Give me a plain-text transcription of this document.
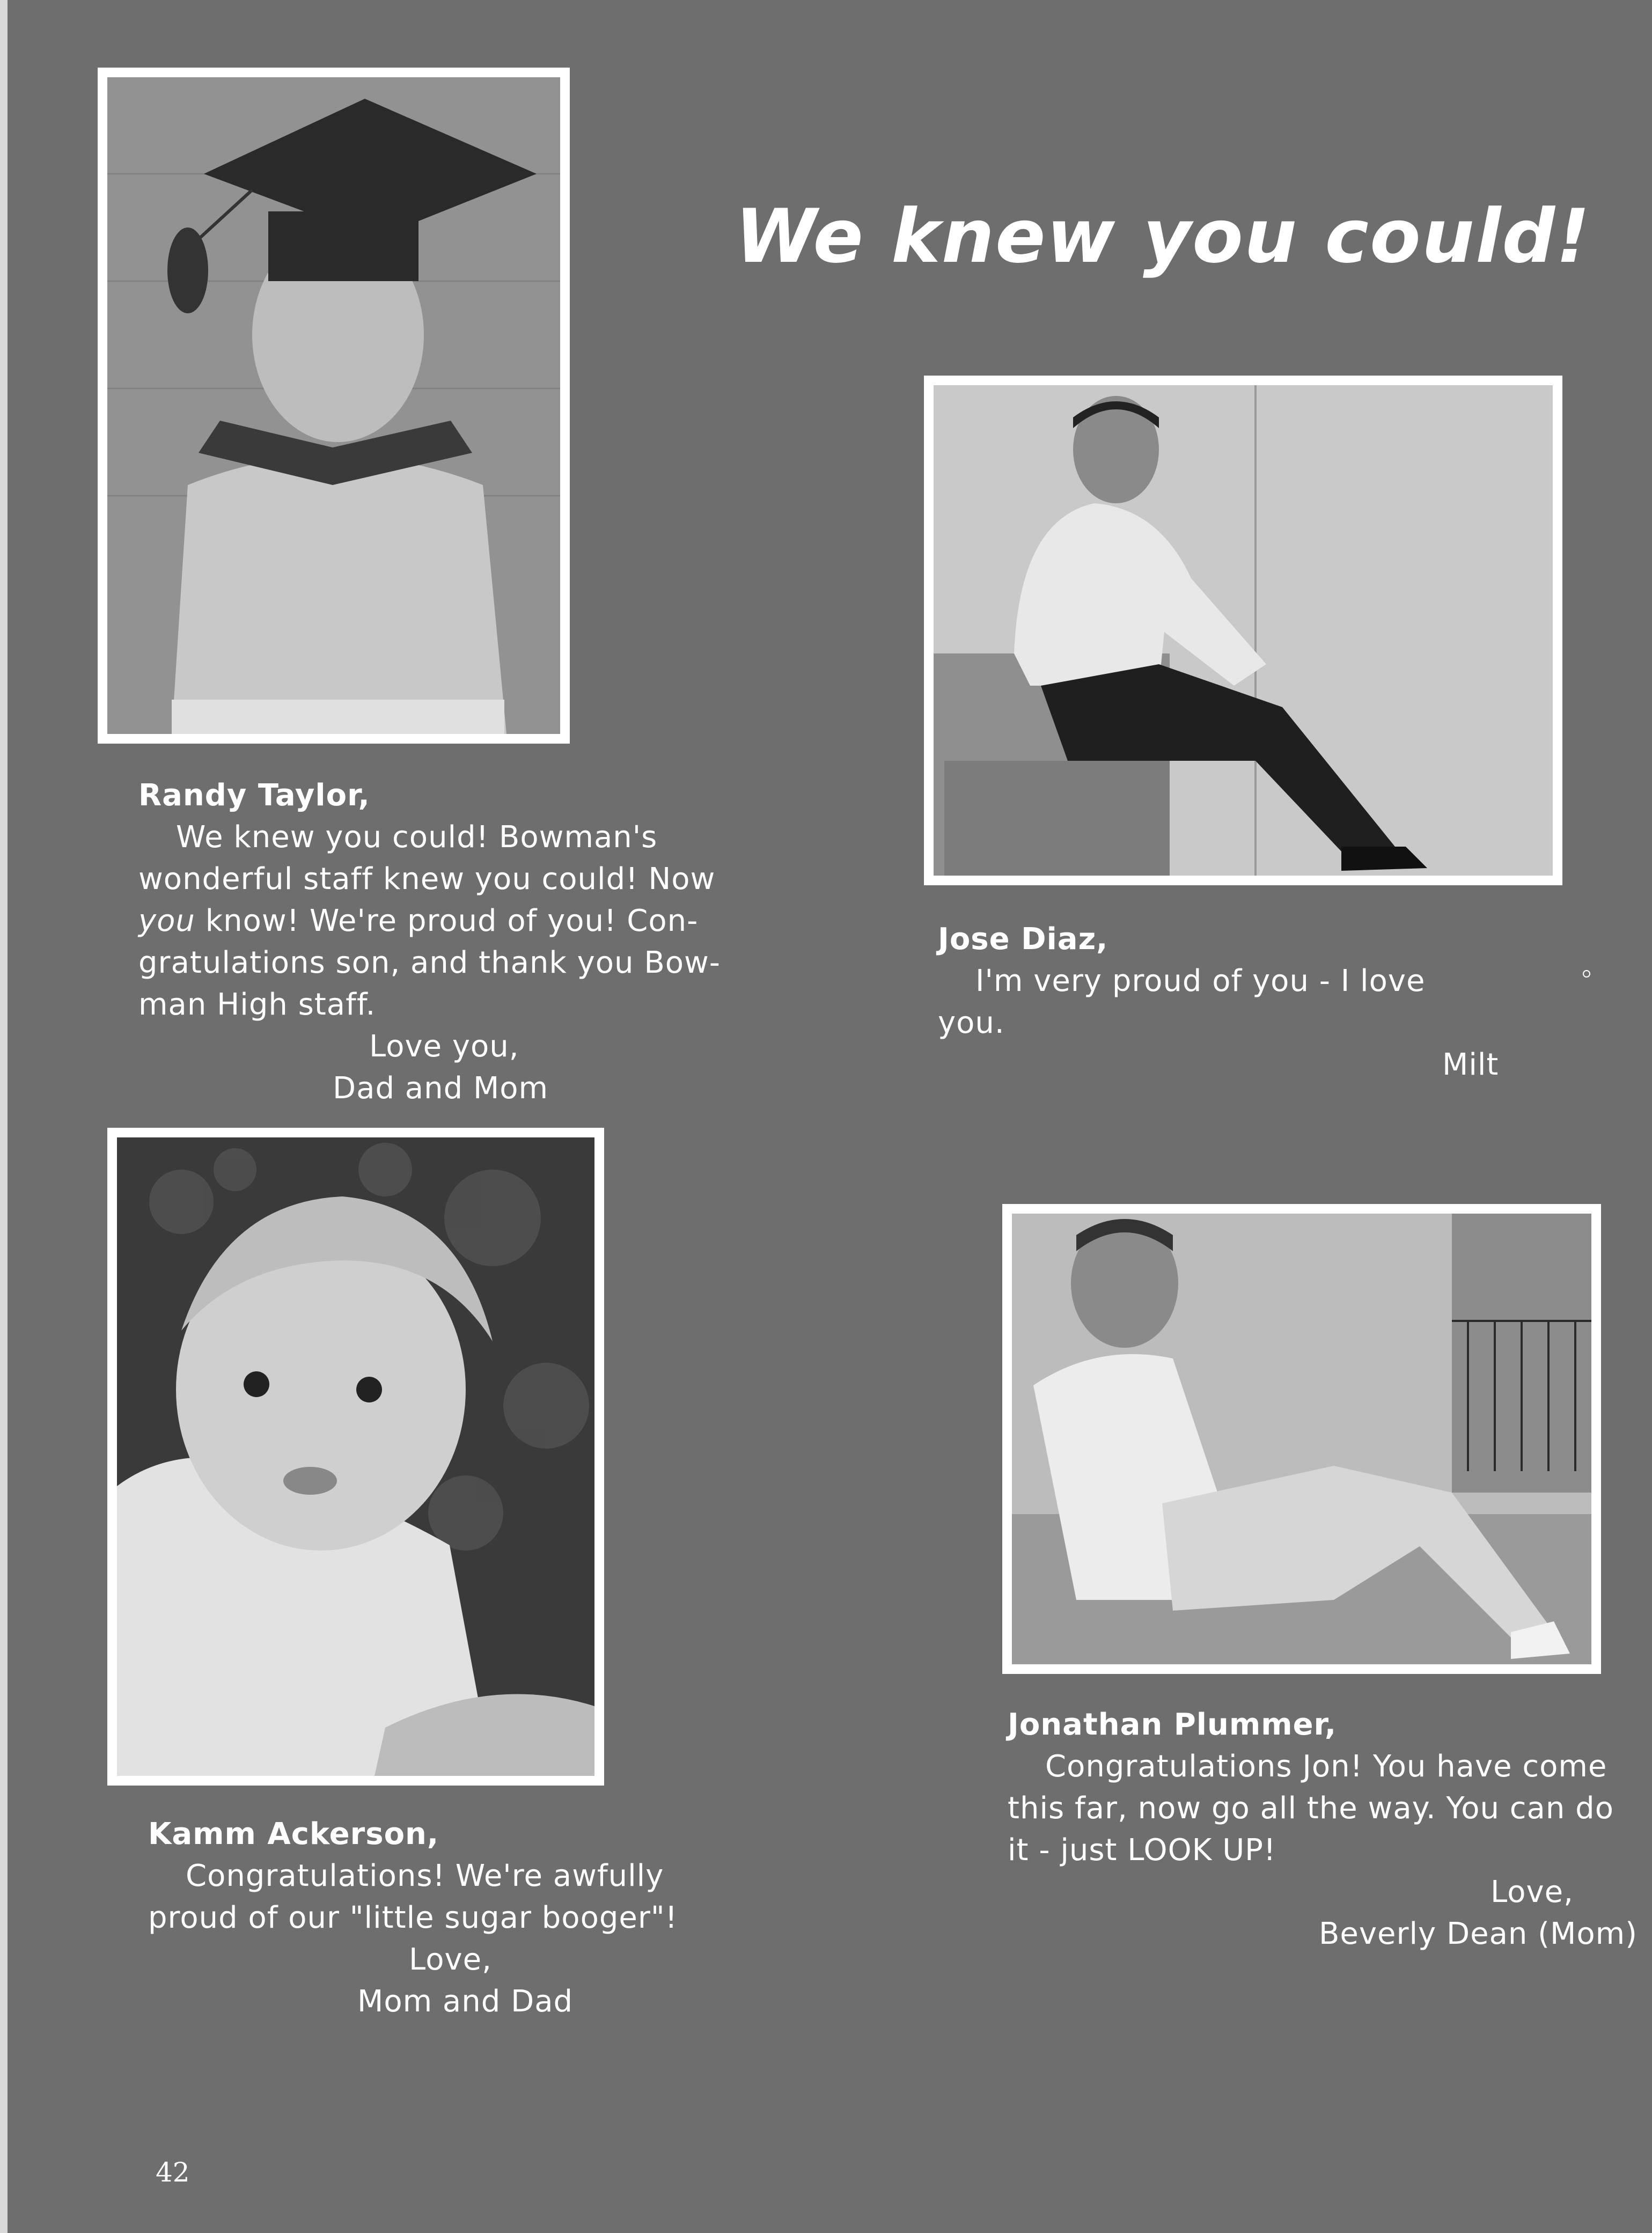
We knew you could!
Randy Taylor,
We knew you could! Bowman's wonderful staff knew you could! Now you know! We're proud of you! Con-gratulations son, and thank you Bow-man High staff.
Love you,
Dad and Mom
Jose Diaz,
I'm very proud of you - I love you.
Milt
Kamm Ackerson,
Congratulations! We're awfully proud of our "little sugar booger"!
Love,
Mom and Dad
Jonathan Plummer,
Congratulations Jon! You have come this far, now go all the way. You can do it - just LOOK UP!
Love,
Beverly Dean (Mom)
42
